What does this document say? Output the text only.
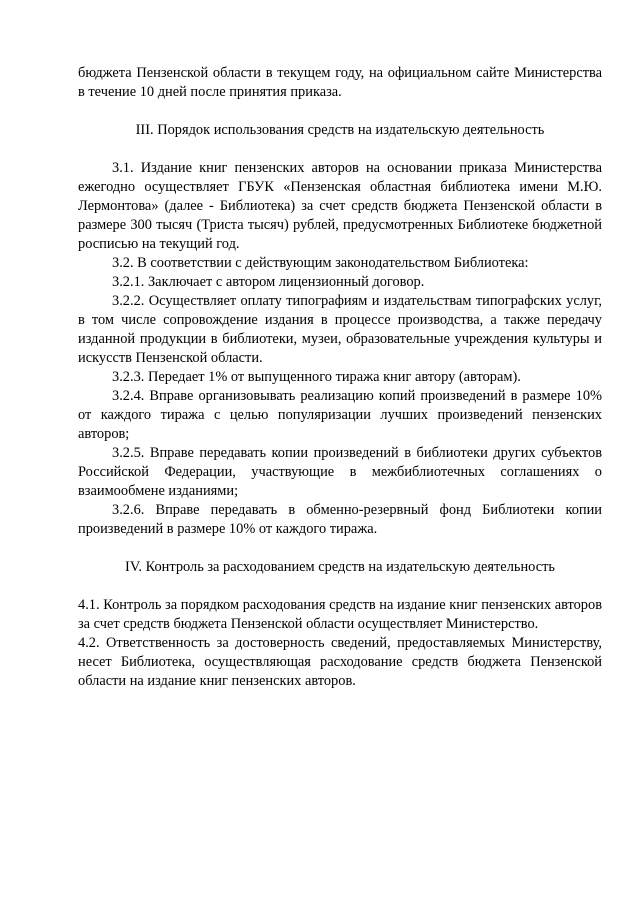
бюджета Пензенской области в текущем году, на официальном сайте Министерства в течение 10 дней после принятия приказа.

III. Порядок использования средств на издательскую деятельность

3.1. Издание книг пензенских авторов на основании приказа Министерства ежегодно осуществляет ГБУК «Пензенская областная библиотека имени М.Ю. Лермонтова» (далее - Библиотека) за счет средств бюджета Пензенской области в размере 300 тысяч (Триста тысяч) рублей, предусмотренных Библиотеке бюджетной росписью на текущий год.

3.2. В соответствии с действующим законодательством Библиотека:

3.2.1. Заключает с автором лицензионный договор.

3.2.2. Осуществляет оплату типографиям и издательствам типографских услуг, в том числе сопровождение издания в процессе производства, а также передачу изданной продукции в библиотеки, музеи, образовательные учреждения культуры и искусств Пензенской области.

3.2.3. Передает 1% от выпущенного тиража книг автору (авторам).

3.2.4. Вправе организовывать реализацию копий произведений в размере 10% от каждого тиража с целью популяризации лучших произведений пензенских авторов;

3.2.5. Вправе передавать копии произведений в библиотеки других субъектов Российской Федерации, участвующие в межбиблиотечных соглашениях о взаимообмене изданиями;

3.2.6. Вправе передавать в обменно-резервный фонд Библиотеки копии произведений в размере 10% от каждого тиража.

IV. Контроль за расходованием средств на издательскую деятельность

4.1. Контроль за порядком расходования средств на издание книг пензенских авторов за счет средств бюджета Пензенской области осуществляет Министерство.

4.2. Ответственность за достоверность сведений, предоставляемых Министерству, несет Библиотека, осуществляющая расходование средств бюджета Пензенской области на издание книг пензенских авторов.
